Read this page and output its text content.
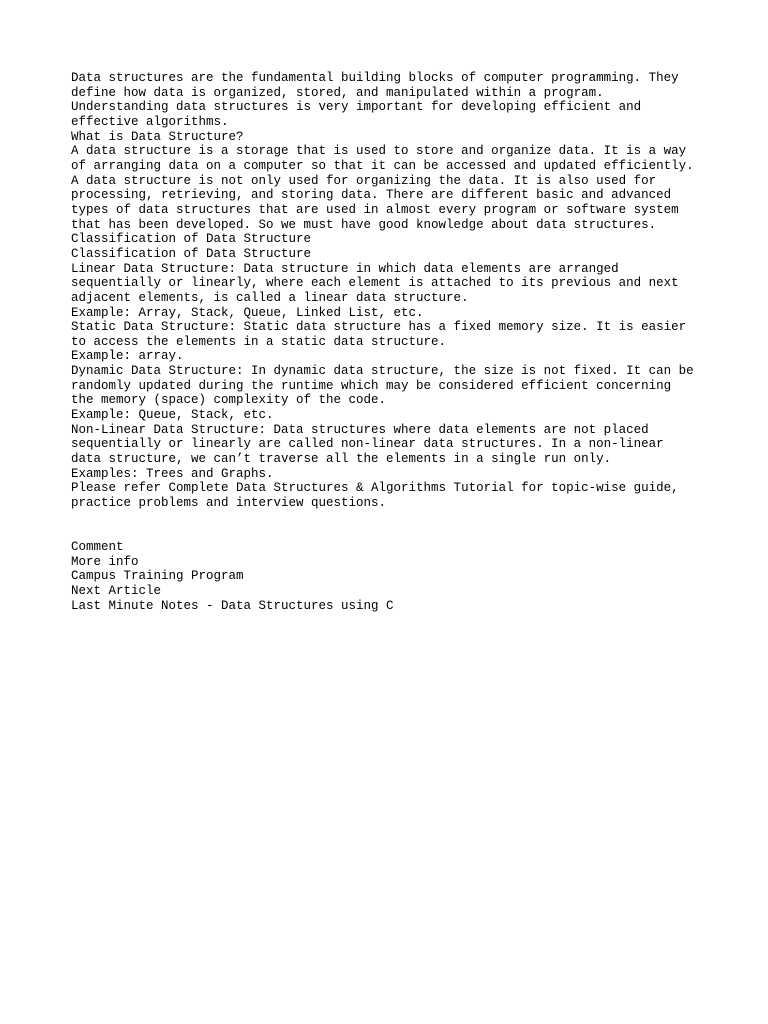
Data structures are the fundamental building blocks of computer programming. They
define how data is organized, stored, and manipulated within a program.
Understanding data structures is very important for developing efficient and
effective algorithms.
What is Data Structure?
A data structure is a storage that is used to store and organize data. It is a way
of arranging data on a computer so that it can be accessed and updated efficiently.
A data structure is not only used for organizing the data. It is also used for
processing, retrieving, and storing data. There are different basic and advanced
types of data structures that are used in almost every program or software system
that has been developed. So we must have good knowledge about data structures.
Classification of Data Structure
Classification of Data Structure
Linear Data Structure: Data structure in which data elements are arranged
sequentially or linearly, where each element is attached to its previous and next
adjacent elements, is called a linear data structure.
Example: Array, Stack, Queue, Linked List, etc.
Static Data Structure: Static data structure has a fixed memory size. It is easier
to access the elements in a static data structure.
Example: array.
Dynamic Data Structure: In dynamic data structure, the size is not fixed. It can be
randomly updated during the runtime which may be considered efficient concerning
the memory (space) complexity of the code.
Example: Queue, Stack, etc.
Non-Linear Data Structure: Data structures where data elements are not placed
sequentially or linearly are called non-linear data structures. In a non-linear
data structure, we can’t traverse all the elements in a single run only.
Examples: Trees and Graphs.
Please refer Complete Data Structures & Algorithms Tutorial for topic-wise guide,
practice problems and interview questions.
Comment
More info
Campus Training Program
Next Article
Last Minute Notes - Data Structures using C
